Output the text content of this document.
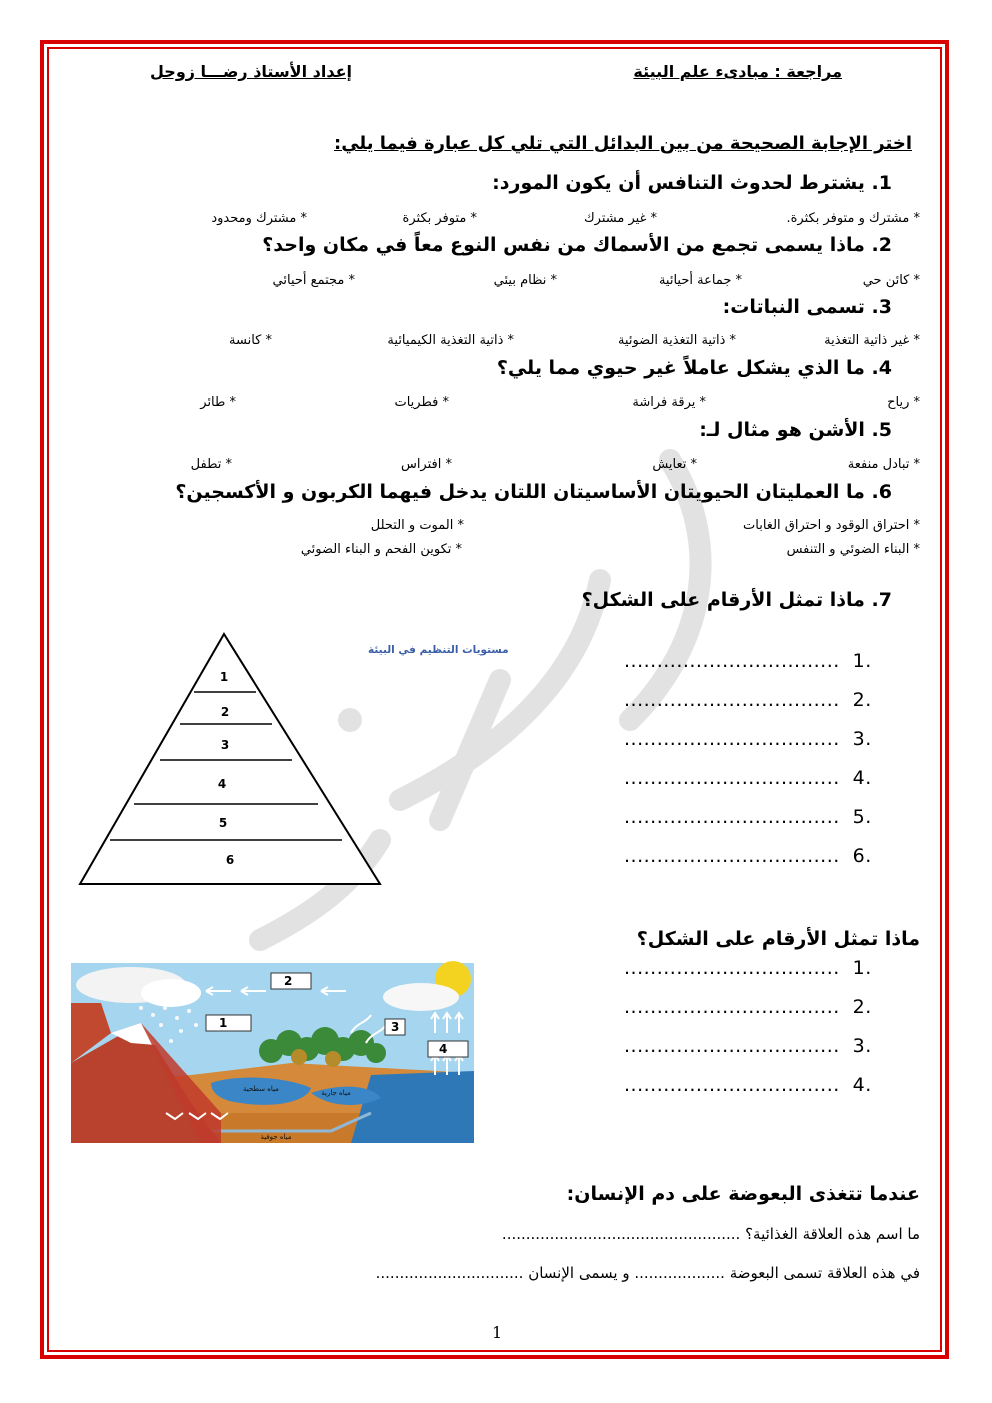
مراجعة : مبادىء علم البيئة
إعداد الأستاذ رضـــا زوحل
اختر الإجابة الصحيحة من بين البدائل التي تلي كل عبارة فيما يلي:
1. يشترط لحدوث التنافس أن يكون المورد:
* مشترك و متوفر بكثرة.
* غير مشترك
* متوفر بكثرة
* مشترك ومحدود
2. ماذا يسمى تجمع من الأسماك من نفس النوع معاً في مكان واحد؟
* كائن حي
* جماعة أحيائية
* نظام بيئي
* مجتمع أحيائي
3. تسمى النباتات:
* غير ذاتية التغذية
* ذاتية التغذية الضوئية
* ذاتية التغذية الكيميائية
* كانسة
4. ما الذي يشكل عاملاً غير حيوي مما يلي؟
* رياح
* يرقة فراشة
* فطريات
* طائر
5. الأشن هو مثال لـ:
* تبادل منفعة
* تعايش
* افتراس
* تطفل
6. ما العمليتان الحيويتان الأساسيتان اللتان يدخل فيهما الكربون و الأكسجين؟
* احتراق الوقود و احتراق الغابات
* الموت و التحلل
* البناء الضوئي و التنفس
* تكوين الفحم و البناء الضوئي
7. ماذا تمثل الأرقام على الشكل؟
................................. 1.
................................. 2.
................................. 3.
................................. 4.
................................. 5.
................................. 6.
مستويات التنظيم في البيئة
1
2
3
4
5
6
ماذا تمثل الأرقام على الشكل؟
................................. 1.
................................. 2.
................................. 3.
................................. 4.
1
2
3
4
مياه سطحية	مياه جارية
مياه جوفية
عندما تتغذى البعوضة على دم الإنسان:
ما اسم هذه العلاقة الغذائية؟ ..................................................
في هذه العلاقة تسمى البعوضة ................... و يسمى الإنسان ...............................
1
